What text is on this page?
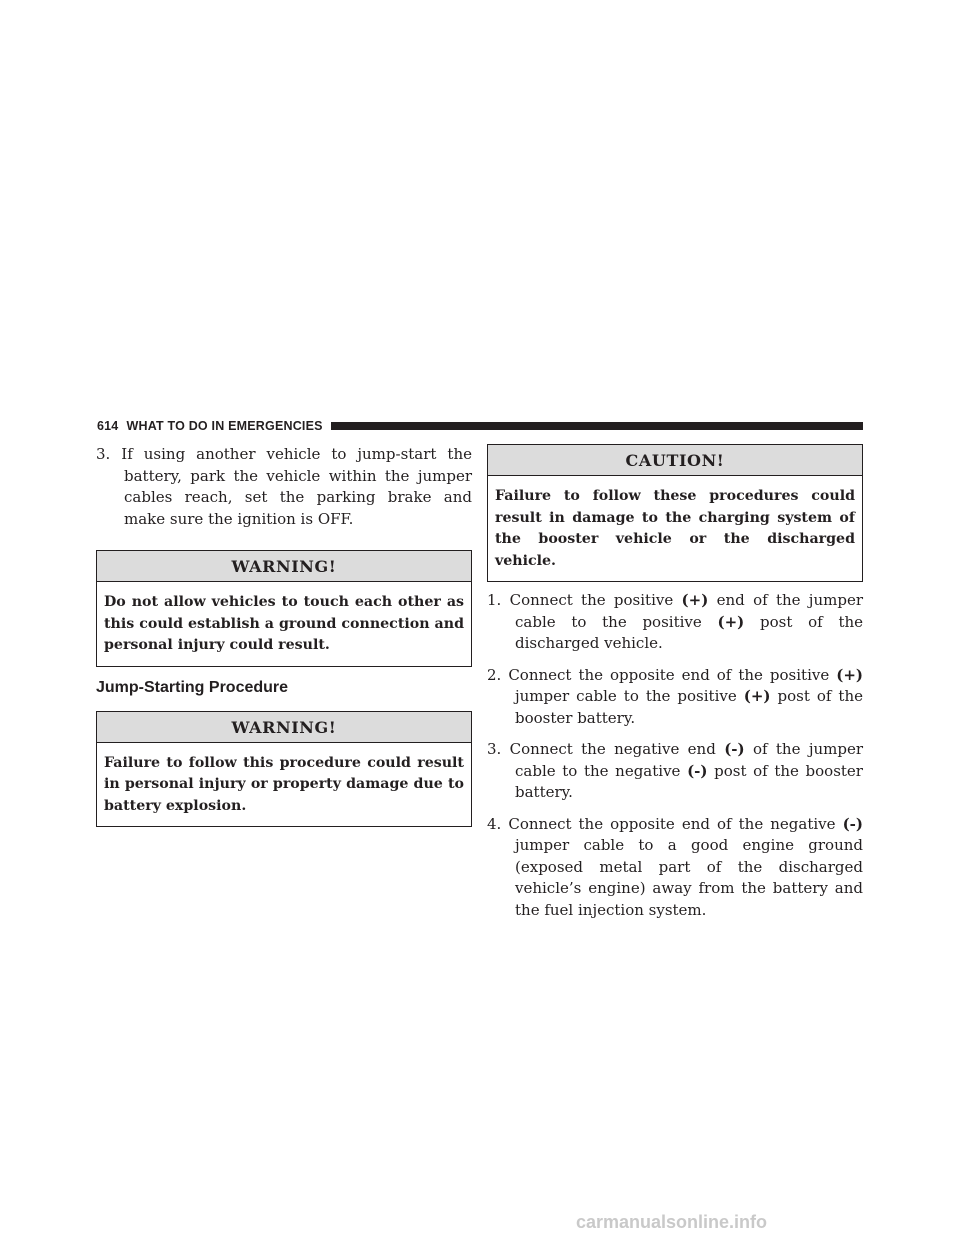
614 WHAT TO DO IN EMERGENCIES

3. If using another vehicle to jump-start the battery, park the vehicle within the jumper cables reach, set the parking brake and make sure the ignition is OFF.

WARNING!
Do not allow vehicles to touch each other as this could establish a ground connection and personal injury could result.
Jump-Starting Procedure
WARNING!
Failure to follow this procedure could result in personal injury or property damage due to battery explosion.
CAUTION!
Failure to follow these procedures could result in damage to the charging system of the booster vehicle or the discharged vehicle.

1. Connect the positive (+) end of the jumper cable to the positive (+) post of the discharged vehicle.

2. Connect the opposite end of the positive (+) jumper cable to the positive (+) post of the booster battery.

3. Connect the negative end (-) of the jumper cable to the negative (-) post of the booster battery.

4. Connect the opposite end of the negative (-) jumper cable to a good engine ground (exposed metal part of the discharged vehicle’s engine) away from the battery and the fuel injection system.

carmanualsonline.info
